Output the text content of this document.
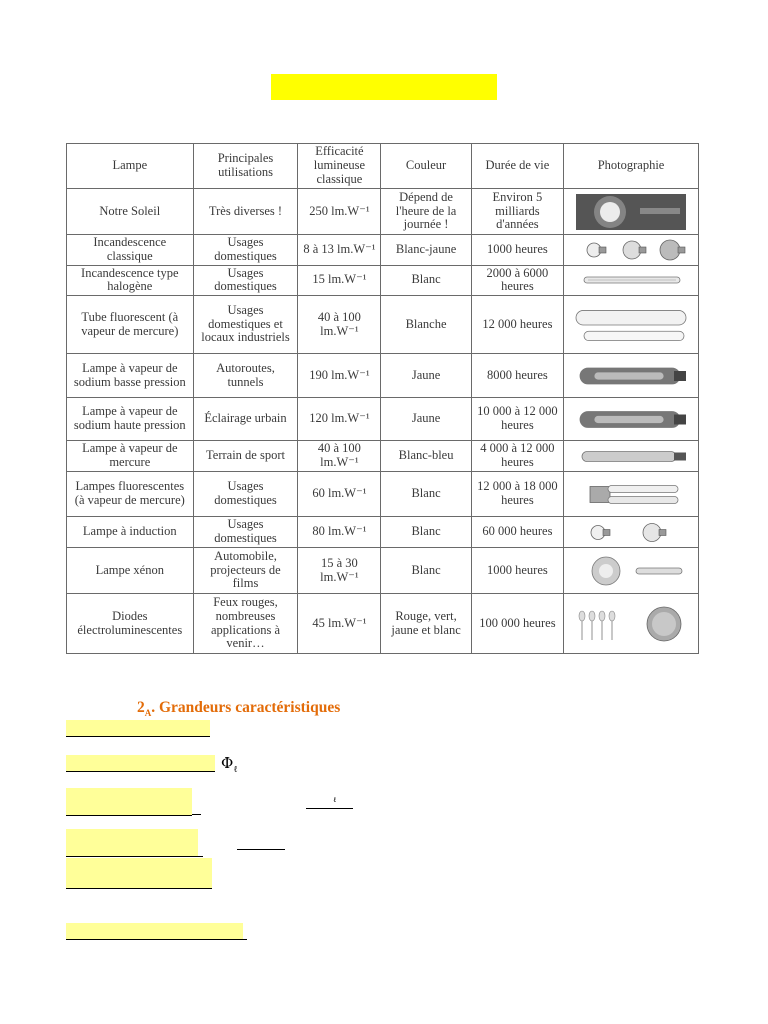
Lampe	Principales utilisations	Efficacité lumineuse classique	Couleur	Durée de vie	Photographie
Notre Soleil	Très diverses !	250 lm.W⁻¹	Dépend de l'heure de la journée !	Environ 5 milliards d'années	

Incandescence classique	Usages domestiques	8 à 13 lm.W⁻¹	Blanc-jaune	1000 heures	

Incandescence type halogène	Usages domestiques	15 lm.W⁻¹	Blanc	2000 à 6000 heures	

Tube fluorescent (à vapeur de mercure)	Usages domestiques et locaux industriels	40 à 100 lm.W⁻¹	Blanche	12 000 heures	

Lampe à vapeur de sodium basse pression	Autoroutes, tunnels	190 lm.W⁻¹	Jaune	8000 heures	

Lampe à vapeur de sodium haute pression	Éclairage urbain	120 lm.W⁻¹	Jaune	10 000 à 12 000 heures	

Lampe à vapeur de mercure	Terrain de sport	40 à 100 lm.W⁻¹	Blanc-bleu	4 000 à 12 000 heures	

Lampes fluorescentes (à vapeur de mercure)	Usages domestiques	60 lm.W⁻¹	Blanc	12 000 à 18 000 heures	

Lampe à induction	Usages domestiques	80 lm.W⁻¹	Blanc	60 000 heures	

Lampe xénon	Automobile, projecteurs de films	15 à 30 lm.W⁻¹	Blanc	1000 heures	

Diodes électroluminescentes	Feux rouges, nombreuses applications à venir…	45 lm.W⁻¹	Rouge, vert, jaune et blanc	100 000 heures	
$2_A$. Grandeurs caractéristiques
$\Phi_\ell$
ℓ
